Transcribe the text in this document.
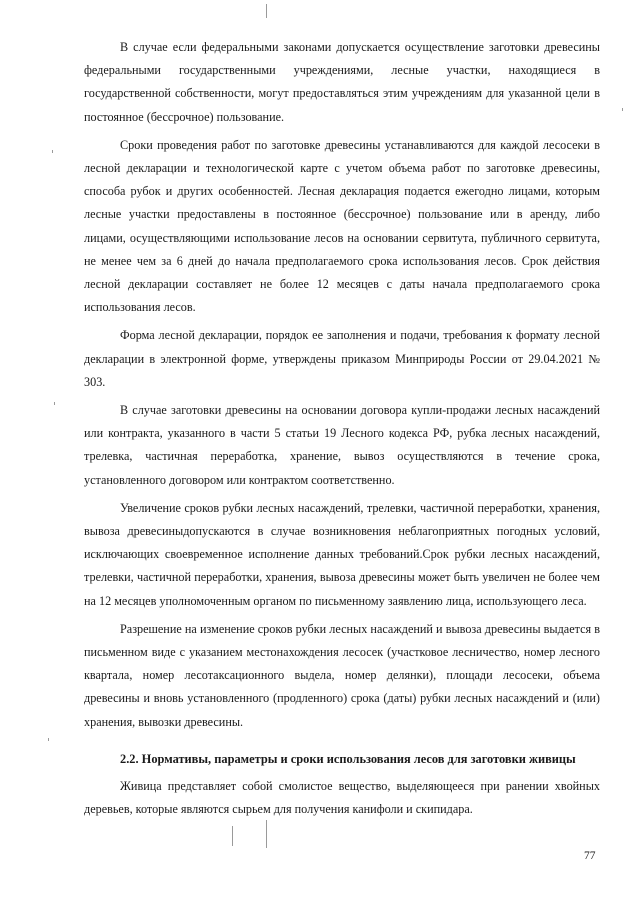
В случае если федеральными законами допускается осуществление заготовки древесины федеральными государственными учреждениями, лесные участки, находящиеся в государственной собственности, могут предоставляться этим учреждениям для указанной цели в постоянное (бессрочное) пользование.

Сроки проведения работ по заготовке древесины устанавливаются для каждой лесосеки в лесной декларации и технологической карте с учетом объема работ по заготовке древесины, способа рубок и других особенностей. Лесная декларация подается ежегодно лицами, которым лесные участки предоставлены в постоянное (бессрочное) пользование или в аренду, либо лицами, осуществляющими использование лесов на основании сервитута, публичного сервитута, не менее чем за 6 дней до начала предполагаемого срока использования лесов. Срок действия лесной декларации составляет не более 12 месяцев с даты начала предполагаемого срока использования лесов.

Форма лесной декларации, порядок ее заполнения и подачи, требования к формату лесной декларации в электронной форме, утверждены приказом Минприроды России от 29.04.2021 № 303.

В случае заготовки древесины на основании договора купли-продажи лесных насаждений или контракта, указанного в части 5 статьи 19 Лесного кодекса РФ, рубка лесных насаждений, трелевка, частичная переработка, хранение, вывоз осуществляются в течение срока, установленного договором или контрактом соответственно.

Увеличение сроков рубки лесных насаждений, трелевки, частичной переработки, хранения, вывоза древесиныдопускаются в случае возникновения неблагоприятных погодных условий, исключающих своевременное исполнение данных требований.Срок рубки лесных насаждений, трелевки, частичной переработки, хранения, вывоза древесины может быть увеличен не более чем на 12 месяцев уполномоченным органом по письменному заявлению лица, использующего леса.

Разрешение на изменение сроков рубки лесных насаждений и вывоза древесины выдается в письменном виде с указанием местонахождения лесосек (участковое лесничество, номер лесного квартала, номер лесотаксационного выдела, номер делянки), площади лесосеки, объема древесины и вновь установленного (продленного) срока (даты) рубки лесных насаждений и (или) хранения, вывозки древесины.

2.2. Нормативы, параметры и сроки использования лесов для заготовки живицы

Живица представляет собой смолистое вещество, выделяющееся при ранении хвойных деревьев, которые являются сырьем для получения канифоли и скипидара.

77
